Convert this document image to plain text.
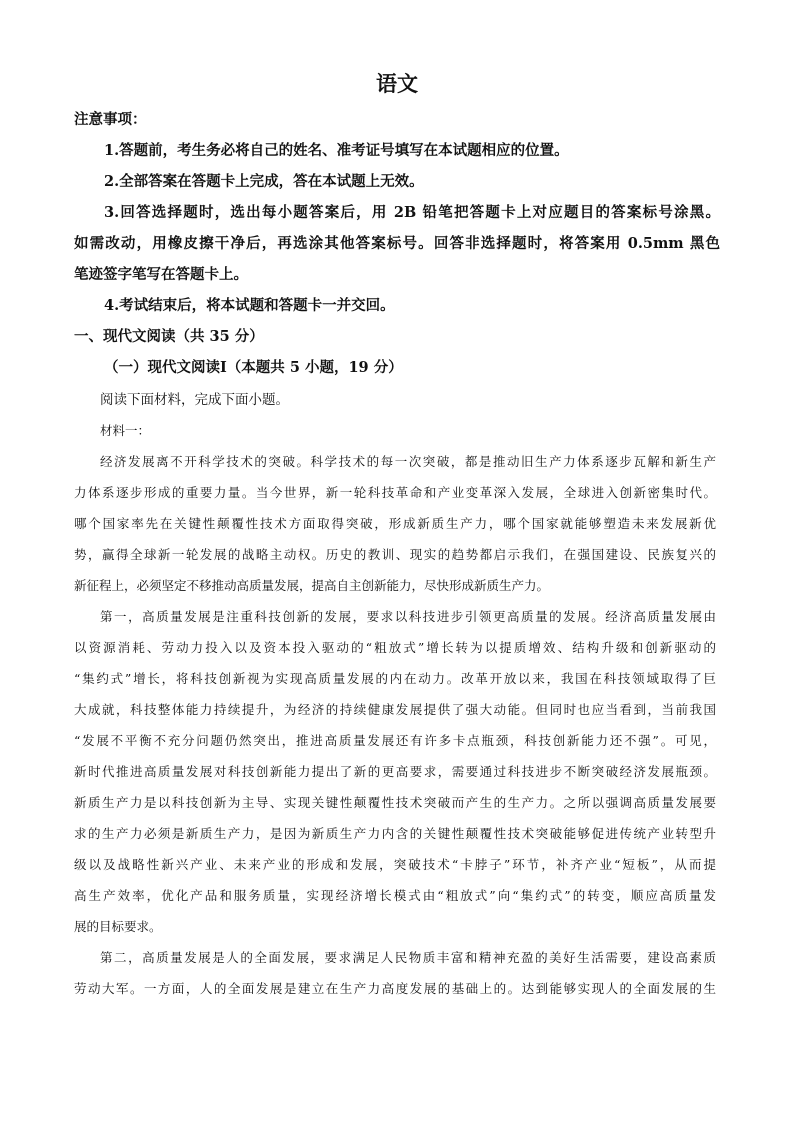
语文
注意事项：
1.答题前，考生务必将自己的姓名、准考证号填写在本试题相应的位置。
2.全部答案在答题卡上完成，答在本试题上无效。
3.回答选择题时，选出每小题答案后，用 2B 铅笔把答题卡上对应题目的答案标号涂黑。
如需改动，用橡皮擦干净后，再选涂其他答案标号。回答非选择题时，将答案用 0.5mm 黑色
笔迹签字笔写在答题卡上。
4.考试结束后，将本试题和答题卡一并交回。
一、现代文阅读（共 35 分）
（一）现代文阅读Ⅰ（本题共 5 小题，19 分）
阅读下面材料，完成下面小题。
材料一：
经济发展离不开科学技术的突破。科学技术的每一次突破，都是推动旧生产力体系逐步瓦解和新生产
力体系逐步形成的重要力量。当今世界，新一轮科技革命和产业变革深入发展，全球进入创新密集时代。
哪个国家率先在关键性颠覆性技术方面取得突破，形成新质生产力，哪个国家就能够塑造未来发展新优
势，赢得全球新一轮发展的战略主动权。历史的教训、现实的趋势都启示我们，在强国建设、民族复兴的
新征程上，必须坚定不移推动高质量发展，提高自主创新能力，尽快形成新质生产力。
第一，高质量发展是注重科技创新的发展，要求以科技进步引领更高质量的发展。经济高质量发展由
以资源消耗、劳动力投入以及资本投入驱动的“粗放式”增长转为以提质增效、结构升级和创新驱动的
“集约式”增长，将科技创新视为实现高质量发展的内在动力。改革开放以来，我国在科技领域取得了巨
大成就，科技整体能力持续提升，为经济的持续健康发展提供了强大动能。但同时也应当看到，当前我国
“发展不平衡不充分问题仍然突出，推进高质量发展还有许多卡点瓶颈，科技创新能力还不强”。可见，
新时代推进高质量发展对科技创新能力提出了新的更高要求，需要通过科技进步不断突破经济发展瓶颈。
新质生产力是以科技创新为主导、实现关键性颠覆性技术突破而产生的生产力。之所以强调高质量发展要
求的生产力必须是新质生产力，是因为新质生产力内含的关键性颠覆性技术突破能够促进传统产业转型升
级以及战略性新兴产业、未来产业的形成和发展，突破技术“卡脖子”环节，补齐产业“短板”，从而提
高生产效率，优化产品和服务质量，实现经济增长模式由“粗放式”向“集约式”的转变，顺应高质量发
展的目标要求。
第二，高质量发展是人的全面发展，要求满足人民物质丰富和精神充盈的美好生活需要，建设高素质
劳动大军。一方面，人的全面发展是建立在生产力高度发展的基础上的。达到能够实现人的全面发展的生
